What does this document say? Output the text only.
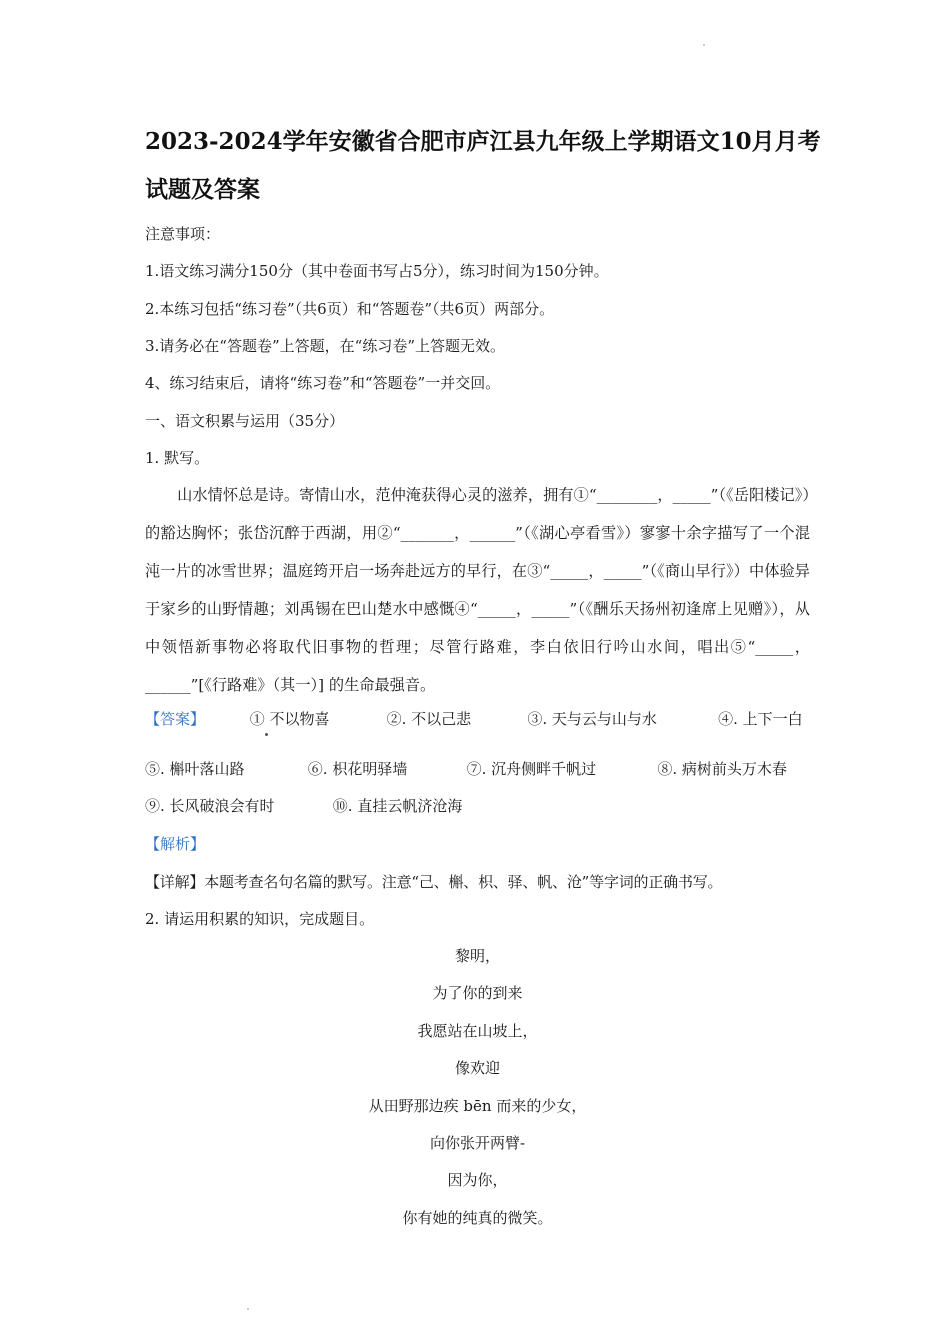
2023-2024学年安徽省合肥市庐江县九年级上学期语文10月月考试题及答案
注意事项：
1.语文练习满分150分（其中卷面书写占5分），练习时间为150分钟。
2.本练习包括“练习卷”（共6页）和“答题卷”（共6页）两部分。
3.请务必在“答题卷”上答题，在“练习卷”上答题无效。
4、练习结束后，请将“练习卷”和“答题卷”一并交回。
一、语文积累与运用（35分）
1. 默写。
山水情怀总是诗。寄情山水，范仲淹获得心灵的滋养，拥有①“________，_____”（《岳阳楼记》）的豁达胸怀；张岱沉醉于西湖，用②“_______，______”（《湖心亭看雪》）寥寥十余字描写了一个混沌一片的冰雪世界；温庭筠开启一场奔赴远方的早行，在③“_____，_____”（《商山早行》）中体验异于家乡的山野情趣；刘禹锡在巴山楚水中感慨④“_____，_____”（《酬乐天扬州初逢席上见赠》），从中领悟新事物必将取代旧事物的哲理；尽管行路难，李白依旧行吟山水间，唱出⑤“_____，______”[《行路难》（其一）] 的生命最强音。
【答案】	① 不以物喜	②. 不以己悲	③. 天与云与山与水	④. 上下一白
⑤. 槲叶落山路	⑥. 枳花明驿墙	⑦. 沉舟侧畔千帆过	⑧. 病树前头万木春
⑨. 长风破浪会有时	⑩. 直挂云帆济沧海
【解析】
【详解】本题考查名句名篇的默写。注意“己、槲、枳、驿、帆、沧”等字词的正确书写。
2. 请运用积累的知识，完成题目。
黎明，
为了你的到来
我愿站在山坡上，
像欢迎
从田野那边疾 bēn 而来的少女，
向你张开两臂-
因为你，
你有她的纯真的微笑。
